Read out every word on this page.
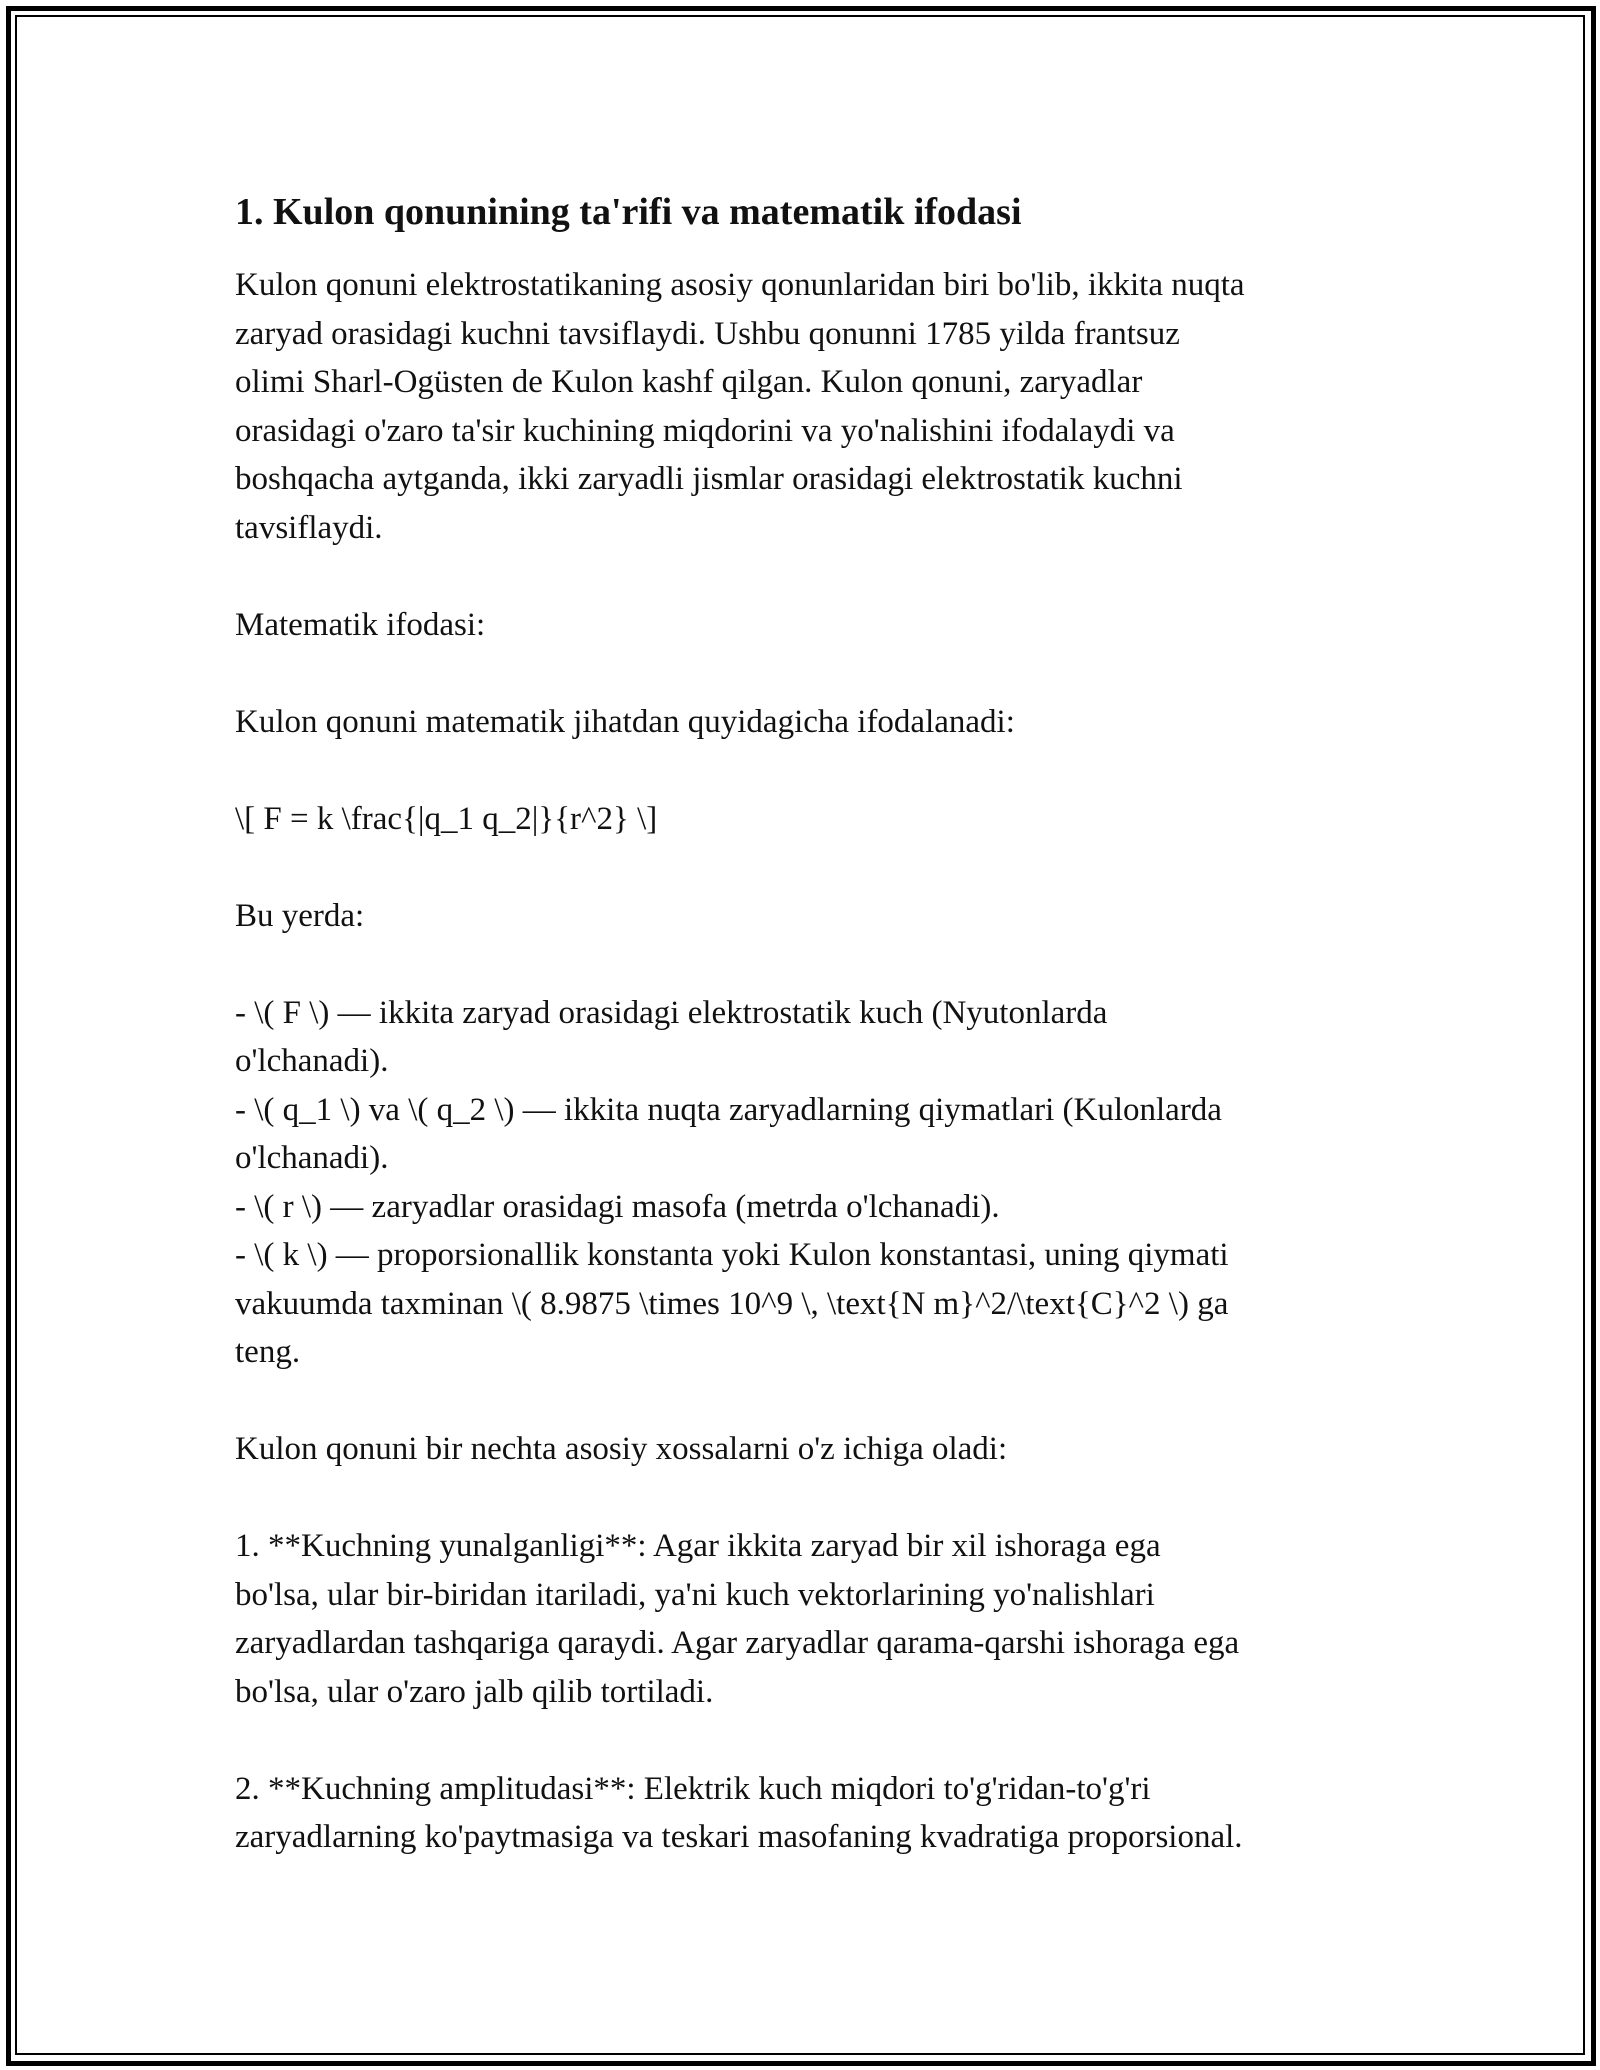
1. Kulon qonunining ta'rifi va matematik ifodasi

Kulon qonuni elektrostatikaning asosiy qonunlaridan biri bo'lib, ikkita nuqta
zaryad orasidagi kuchni tavsiflaydi. Ushbu qonunni 1785 yilda frantsuz
olimi Sharl-Ogüsten de Kulon kashf qilgan. Kulon qonuni, zaryadlar
orasidagi o'zaro ta'sir kuchining miqdorini va yo'nalishini ifodalaydi va
boshqacha aytganda, ikki zaryadli jismlar orasidagi elektrostatik kuchni
tavsiflaydi.

Matematik ifodasi:

Kulon qonuni matematik jihatdan quyidagicha ifodalanadi:

\[ F = k \frac{|q_1 q_2|}{r^2} \]

Bu yerda:

- \( F \) — ikkita zaryad orasidagi elektrostatik kuch (Nyutonlarda
o'lchanadi).
- \( q_1 \) va \( q_2 \) — ikkita nuqta zaryadlarning qiymatlari (Kulonlarda
o'lchanadi).
- \( r \) — zaryadlar orasidagi masofa (metrda o'lchanadi).
- \( k \) — proporsionallik konstanta yoki Kulon konstantasi, uning qiymati
vakuumda taxminan \( 8.9875 \times 10^9 \, \text{N m}^2/\text{C}^2 \) ga
teng.

Kulon qonuni bir nechta asosiy xossalarni o'z ichiga oladi:

1. **Kuchning yunalganligi**: Agar ikkita zaryad bir xil ishoraga ega
bo'lsa, ular bir-biridan itariladi, ya'ni kuch vektorlarining yo'nalishlari
zaryadlardan tashqariga qaraydi. Agar zaryadlar qarama-qarshi ishoraga ega
bo'lsa, ular o'zaro jalb qilib tortiladi.

2. **Kuchning amplitudasi**: Elektrik kuch miqdori to'g'ridan-to'g'ri
zaryadlarning ko'paytmasiga va teskari masofaning kvadratiga proporsional.
